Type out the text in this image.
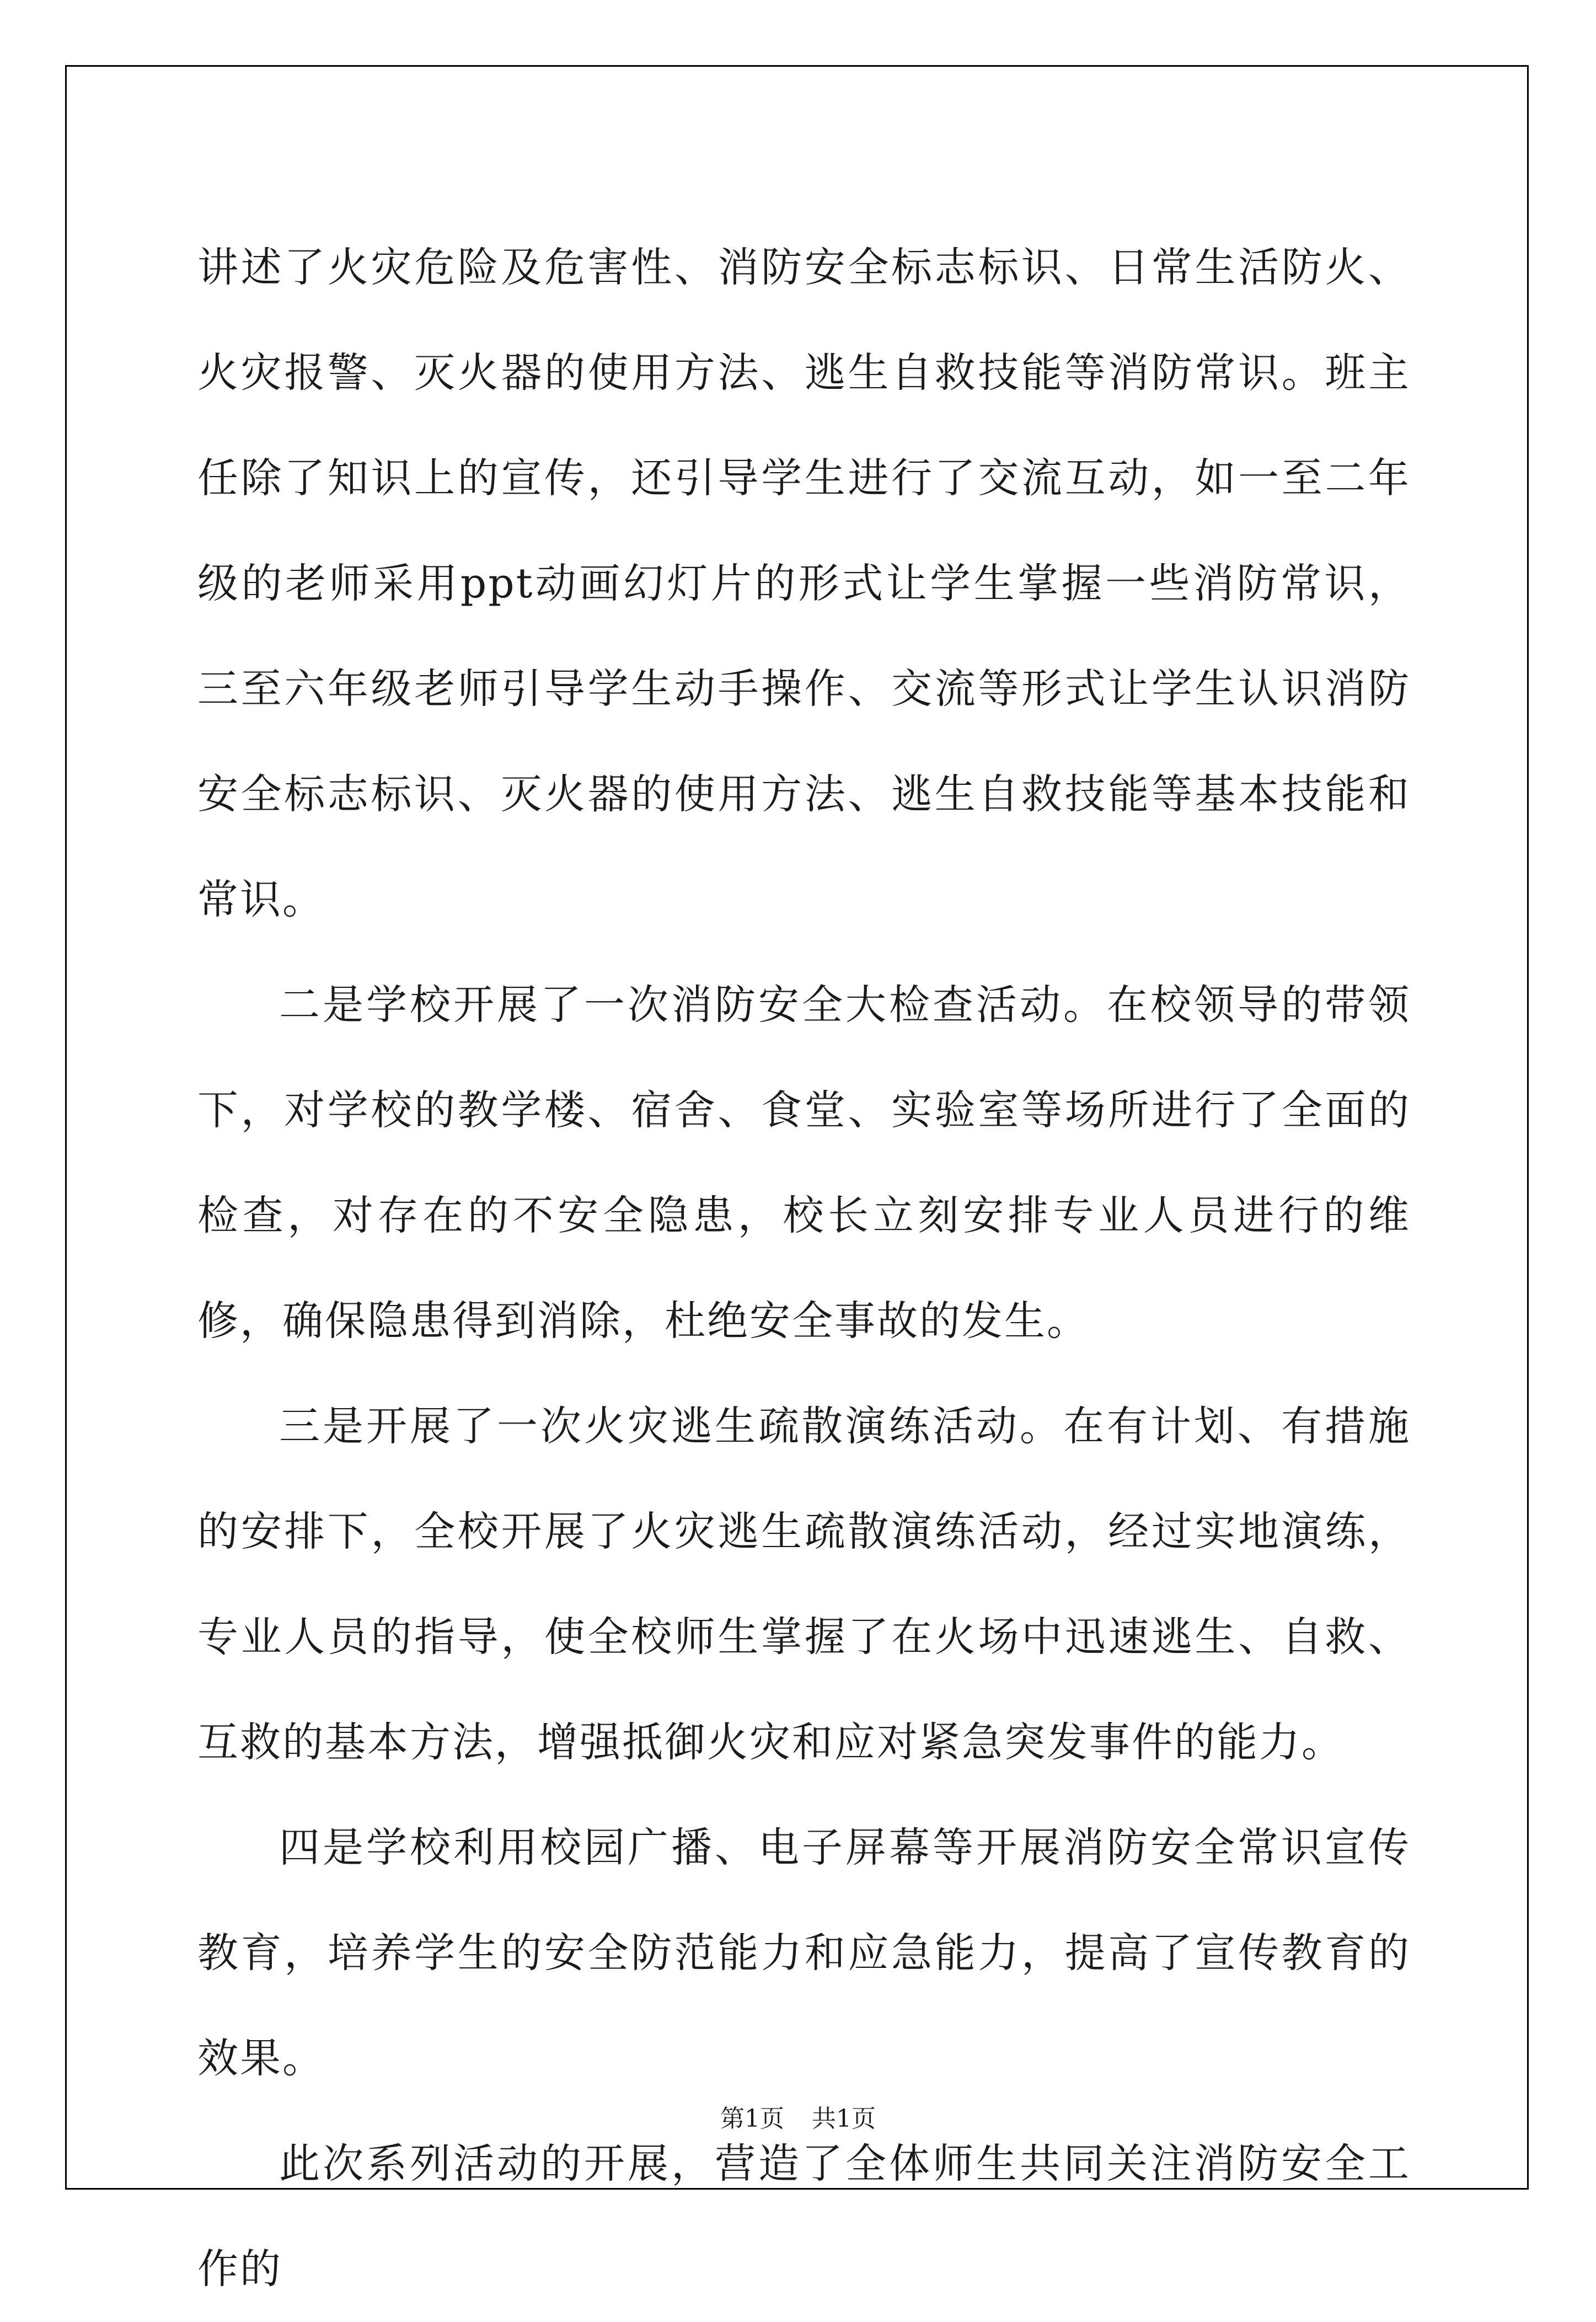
讲述了火灾危险及危害性、消防安全标志标识、日常生活防火、火灾报警、灭火器的使用方法、逃生自救技能等消防常识。班主任除了知识上的宣传，还引导学生进行了交流互动，如一至二年级的老师采用ppt动画幻灯片的形式让学生掌握一些消防常识，三至六年级老师引导学生动手操作、交流等形式让学生认识消防安全标志标识、灭火器的使用方法、逃生自救技能等基本技能和常识。

二是学校开展了一次消防安全大检查活动。在校领导的带领下，对学校的教学楼、宿舍、食堂、实验室等场所进行了全面的检查，对存在的不安全隐患，校长立刻安排专业人员进行的维修，确保隐患得到消除，杜绝安全事故的发生。

三是开展了一次火灾逃生疏散演练活动。在有计划、有措施的安排下，全校开展了火灾逃生疏散演练活动，经过实地演练，专业人员的指导，使全校师生掌握了在火场中迅速逃生、自救、互救的基本方法，增强抵御火灾和应对紧急突发事件的能力。

四是学校利用校园广播、电子屏幕等开展消防安全常识宣传教育，培养学生的安全防范能力和应急能力，提高了宣传教育的效果。

此次系列活动的开展，营造了全体师生共同关注消防安全工作的

第1页 共1页
